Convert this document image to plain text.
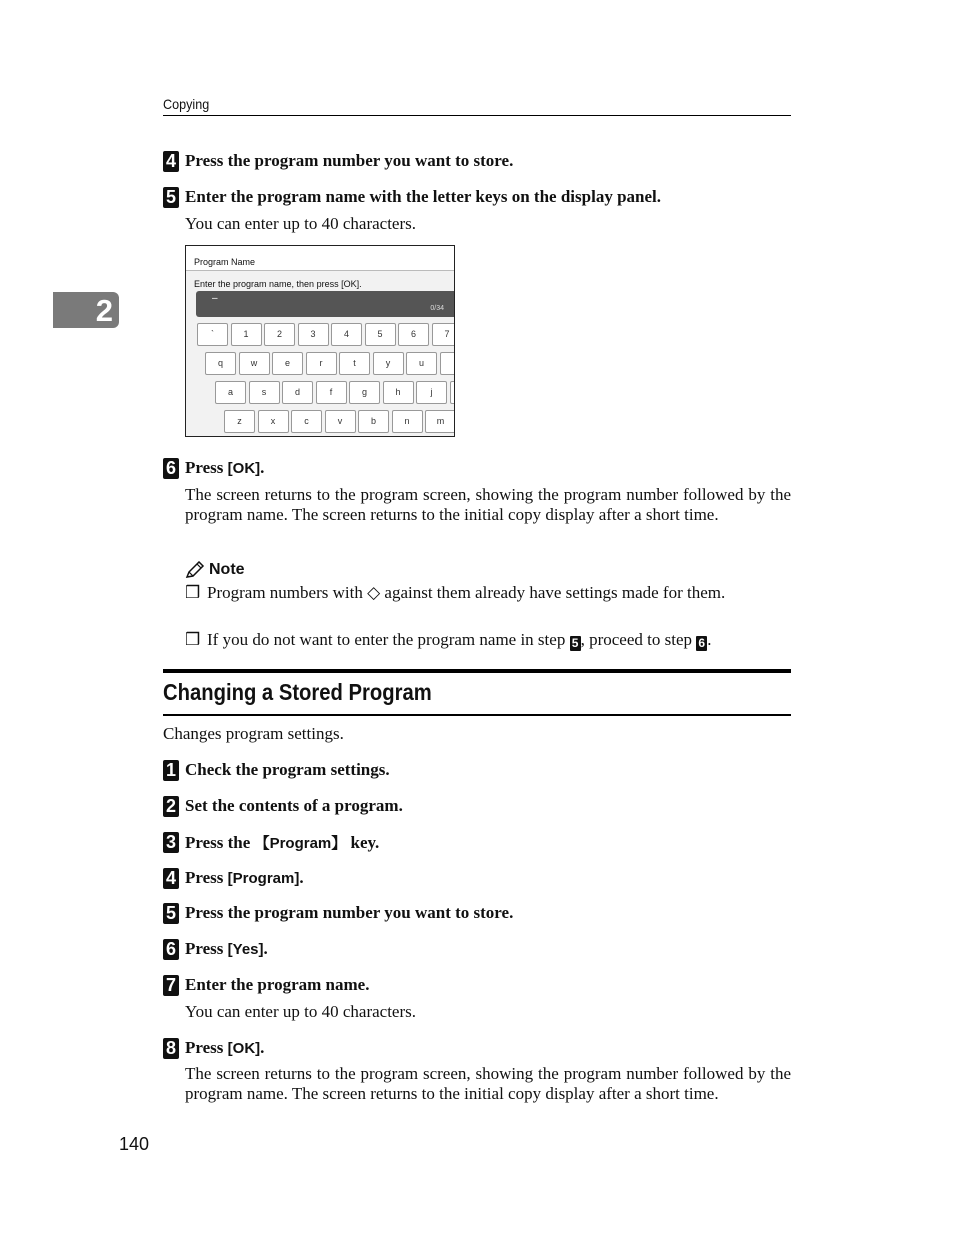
Copying
2
4 Press the program number you want to store.
5 Enter the program name with the letter keys on the display panel.
You can enter up to 40 characters.
Program Name
Enter the program name, then press [OK].
–
0/34
`	1	2	3	4	5	6	7
q	w	e	r	t	y	u
a	s	d	f	g	h	j
z	x	c	v	b	n	m
6 Press [OK].
The screen returns to the program screen, showing the program number followed by the program name. The screen returns to the initial copy display after a short time.
Note
❒ Program numbers with ◇ against them already have settings made for them.
❒ If you do not want to enter the program name in step 5 , proceed to step 6 .
Changing a Stored Program
Changes program settings.
1 Check the program settings.
2 Set the contents of a program.
3 Press the 【Program】 key.
4 Press [Program].
5 Press the program number you want to store.
6 Press [Yes].
7 Enter the program name.
You can enter up to 40 characters.
8 Press [OK].
The screen returns to the program screen, showing the program number followed by the program name. The screen returns to the initial copy display after a short time.
140
